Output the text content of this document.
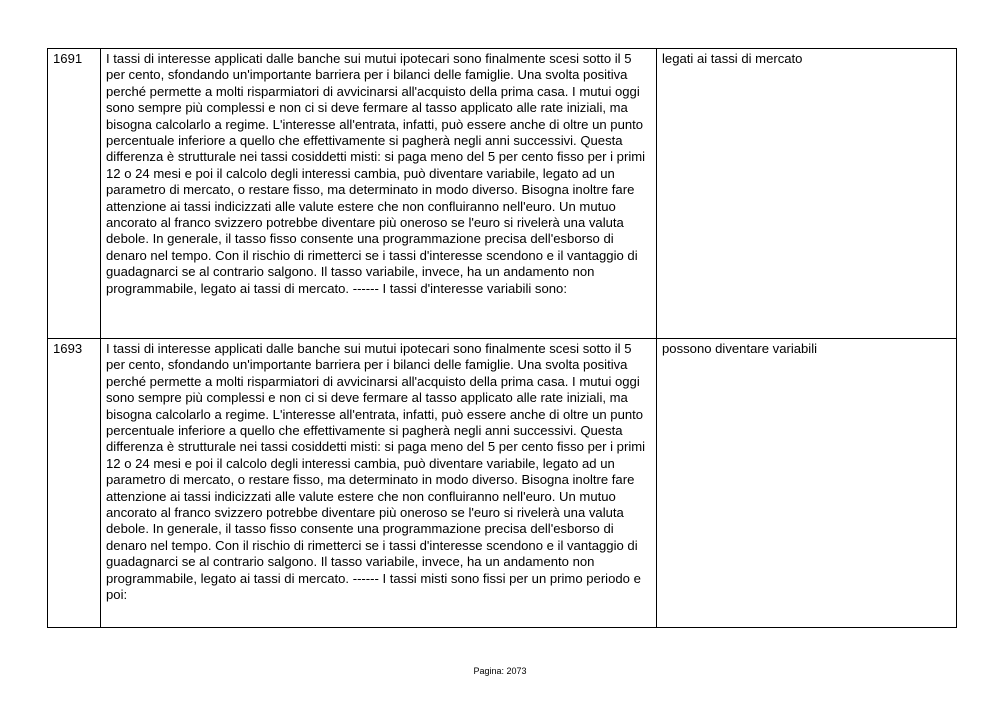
1691	I tassi di interesse applicati dalle banche sui mutui ipotecari sono finalmente scesi sotto il 5 per cento, sfondando un'importante barriera per i bilanci delle famiglie. Una svolta positiva perché permette a molti risparmiatori di avvicinarsi all'acquisto della prima casa. I mutui oggi sono sempre più complessi e non ci si deve fermare al tasso applicato alle rate iniziali, ma bisogna calcolarlo a regime. L'interesse all'entrata, infatti, può essere anche di oltre un punto percentuale inferiore a quello che effettivamente si pagherà negli anni successivi. Questa differenza è strutturale nei tassi cosiddetti misti: si paga meno del 5 per cento fisso per i primi 12 o 24 mesi e poi il calcolo degli interessi cambia, può diventare variabile, legato ad un parametro di mercato, o restare fisso, ma determinato in modo diverso. Bisogna inoltre fare attenzione ai tassi indicizzati alle valute estere che non confluiranno nell'euro. Un mutuo ancorato al franco svizzero potrebbe diventare più oneroso se l'euro si rivelerà una valuta debole. In generale, il tasso fisso consente una programmazione precisa dell'esborso di denaro nel tempo. Con il rischio di rimetterci se i tassi d'interesse scendono e il vantaggio di guadagnarci se al contrario salgono. Il tasso variabile, invece, ha un andamento non programmabile, legato ai tassi di mercato. ------ I tassi d'interesse variabili sono:	legati ai tassi di mercato
1693	I tassi di interesse applicati dalle banche sui mutui ipotecari sono finalmente scesi sotto il 5 per cento, sfondando un'importante barriera per i bilanci delle famiglie. Una svolta positiva perché permette a molti risparmiatori di avvicinarsi all'acquisto della prima casa. I mutui oggi sono sempre più complessi e non ci si deve fermare al tasso applicato alle rate iniziali, ma bisogna calcolarlo a regime. L'interesse all'entrata, infatti, può essere anche di oltre un punto percentuale inferiore a quello che effettivamente si pagherà negli anni successivi. Questa differenza è strutturale nei tassi cosiddetti misti: si paga meno del 5 per cento fisso per i primi 12 o 24 mesi e poi il calcolo degli interessi cambia, può diventare variabile, legato ad un parametro di mercato, o restare fisso, ma determinato in modo diverso. Bisogna inoltre fare attenzione ai tassi indicizzati alle valute estere che non confluiranno nell'euro. Un mutuo ancorato al franco svizzero potrebbe diventare più oneroso se l'euro si rivelerà una valuta debole. In generale, il tasso fisso consente una programmazione precisa dell'esborso di denaro nel tempo. Con il rischio di rimetterci se i tassi d'interesse scendono e il vantaggio di guadagnarci se al contrario salgono. Il tasso variabile, invece, ha un andamento non programmabile, legato ai tassi di mercato. ------ I tassi misti sono fissi per un primo periodo e poi:	possono diventare variabili
Pagina: 2073
